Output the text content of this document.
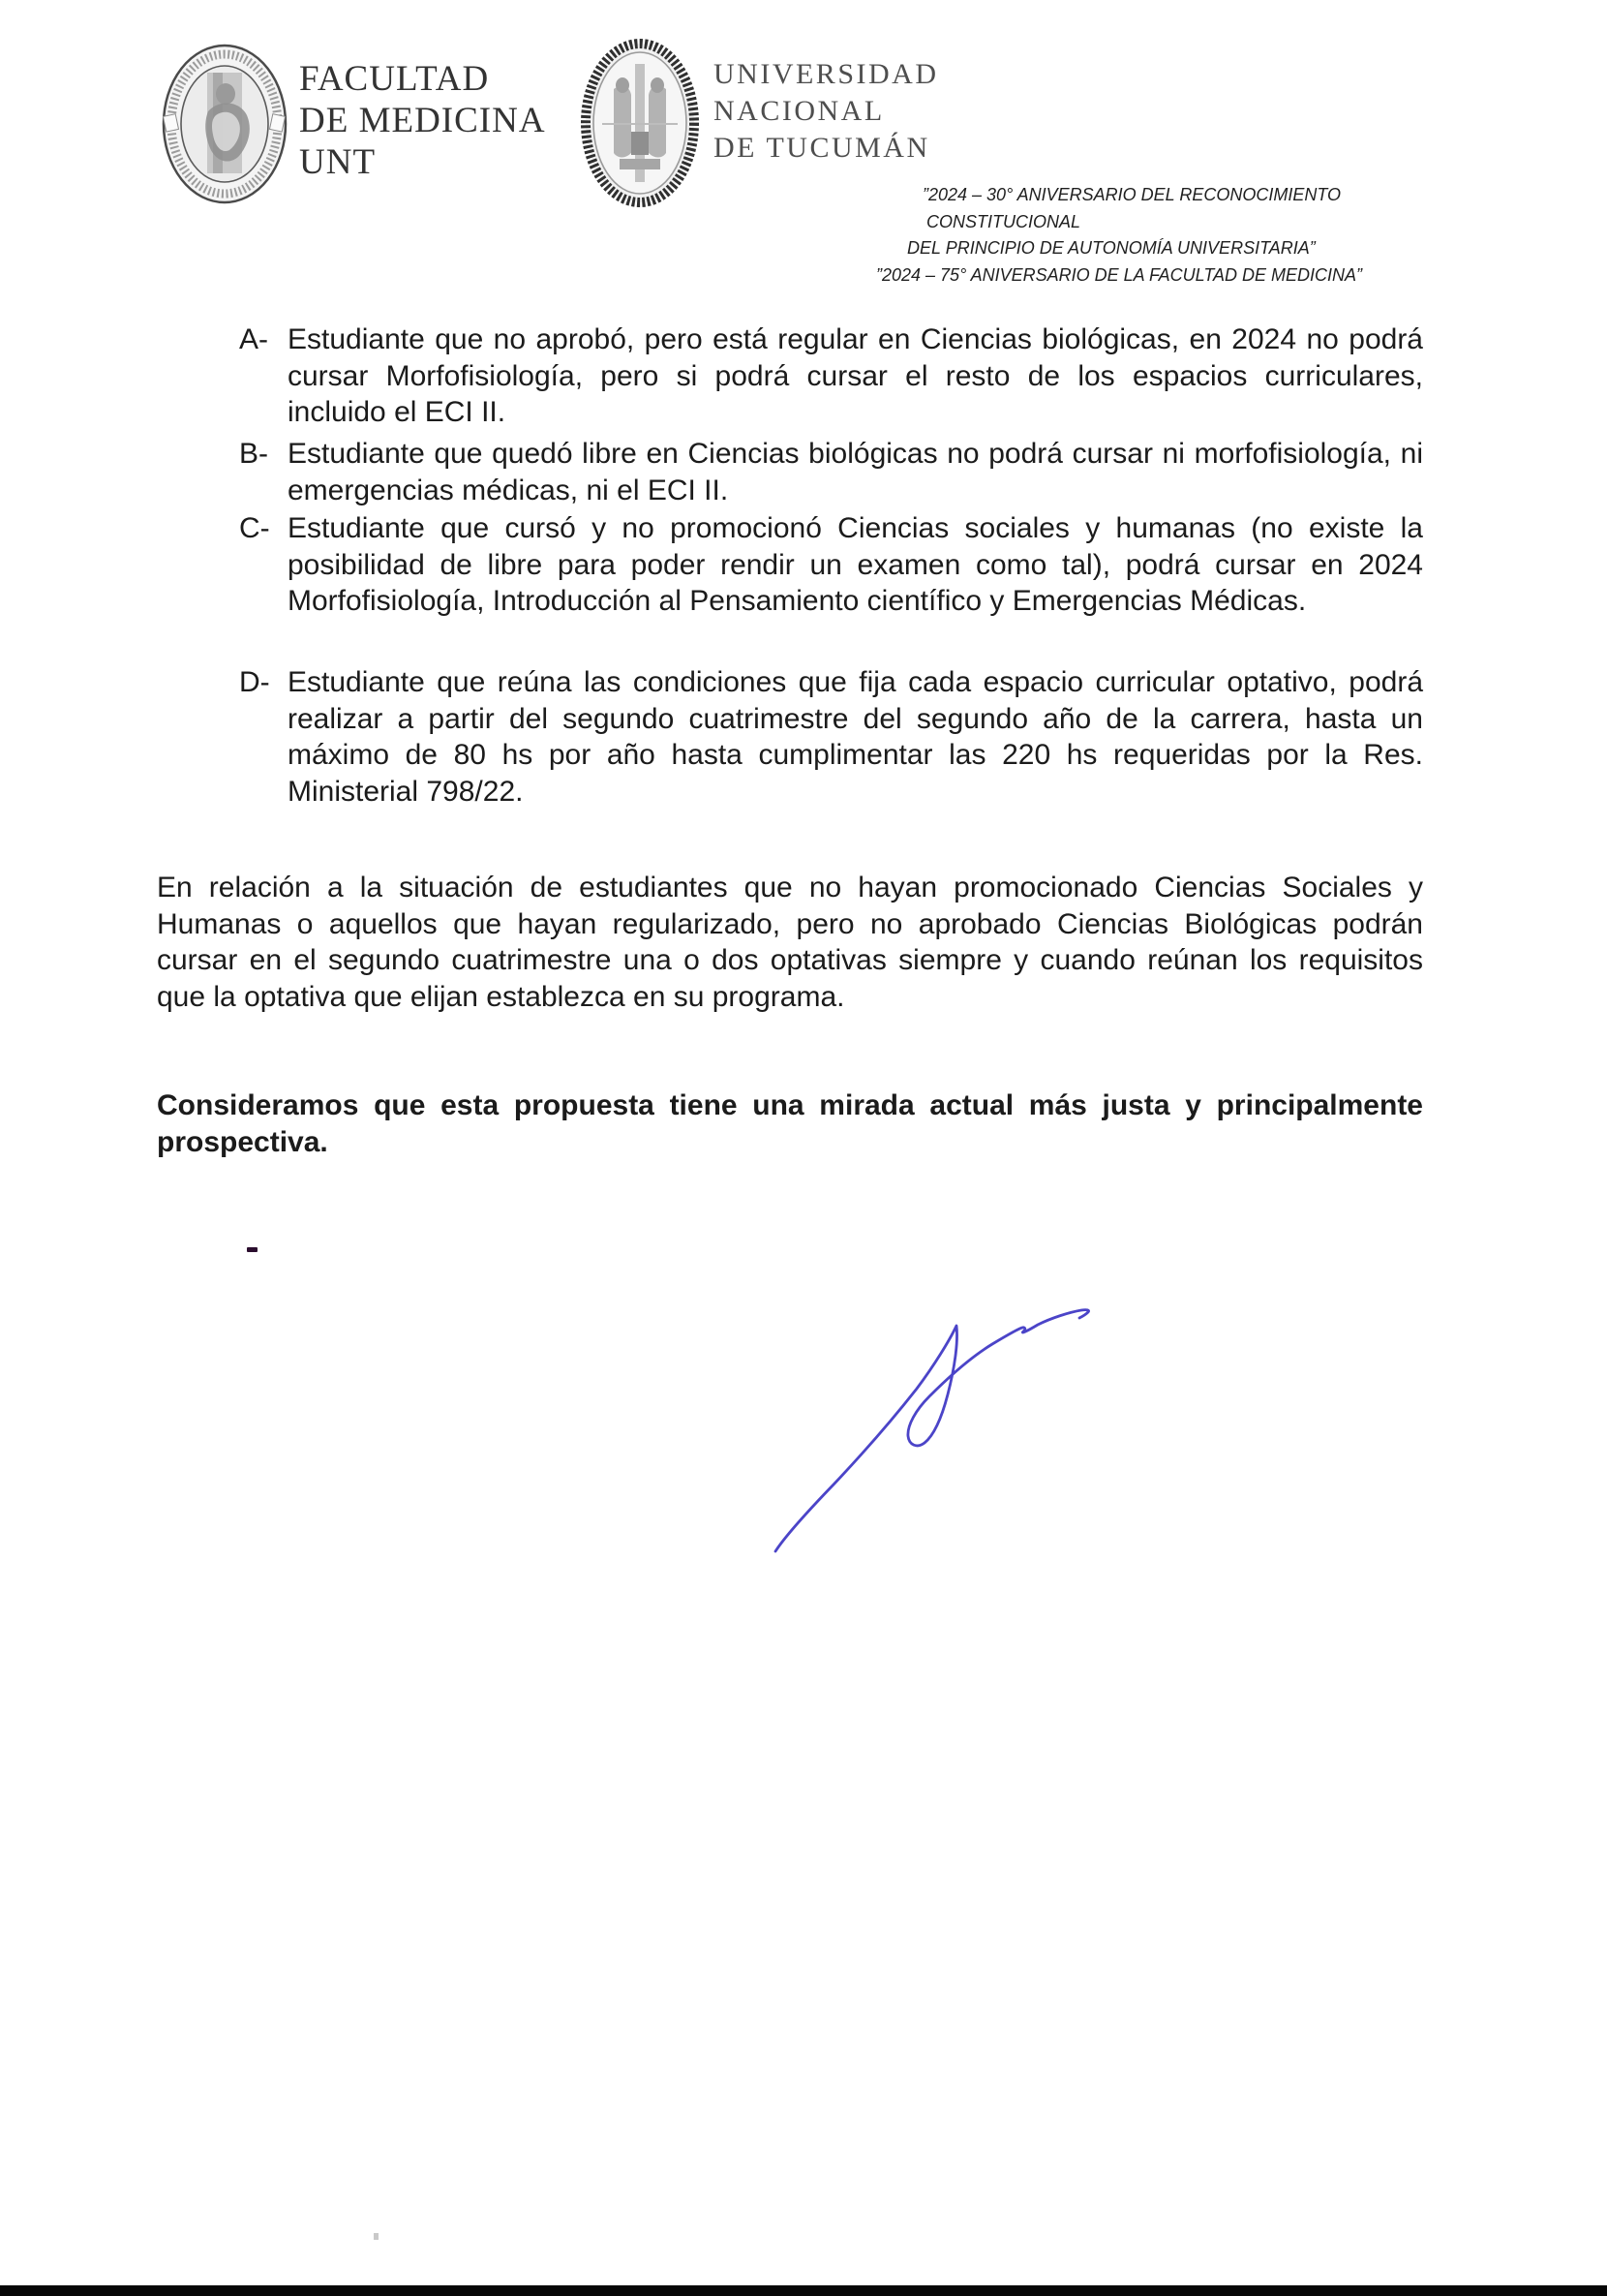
FACULTAD
DE MEDICINA
UNT
UNIVERSIDAD
NACIONAL
DE TUCUMÁN
”2024 – 30° ANIVERSARIO DEL RECONOCIMIENTO
CONSTITUCIONAL
DEL PRINCIPIO DE AUTONOMÍA UNIVERSITARIA”
”2024 – 75° ANIVERSARIO DE LA FACULTAD DE MEDICINA”
A- Estudiante que no aprobó, pero está regular en Ciencias biológicas, en 2024 no podrá cursar Morfofisiología, pero si podrá cursar el resto de los espacios curriculares, incluido el ECI II.
B- Estudiante que quedó libre en Ciencias biológicas no podrá cursar ni morfofisiología, ni emergencias médicas, ni el ECI II.
C- Estudiante que cursó y no promocionó Ciencias sociales y humanas (no existe la posibilidad de libre para poder rendir un examen como tal), podrá cursar en 2024 Morfofisiología, Introducción al Pensamiento científico y Emergencias Médicas.
D- Estudiante que reúna las condiciones que fija cada espacio curricular optativo, podrá realizar a partir del segundo cuatrimestre del segundo año de la carrera, hasta un máximo de 80 hs por año hasta cumplimentar las 220 hs requeridas por la Res. Ministerial 798/22.
En relación a la situación de estudiantes que no hayan promocionado Ciencias Sociales y Humanas o aquellos que hayan regularizado, pero no aprobado Ciencias Biológicas podrán cursar en el segundo cuatrimestre una o dos optativas siempre y cuando reúnan los requisitos que la optativa que elijan establezca en su programa.
Consideramos que esta propuesta tiene una mirada actual más justa y principalmente prospectiva.
